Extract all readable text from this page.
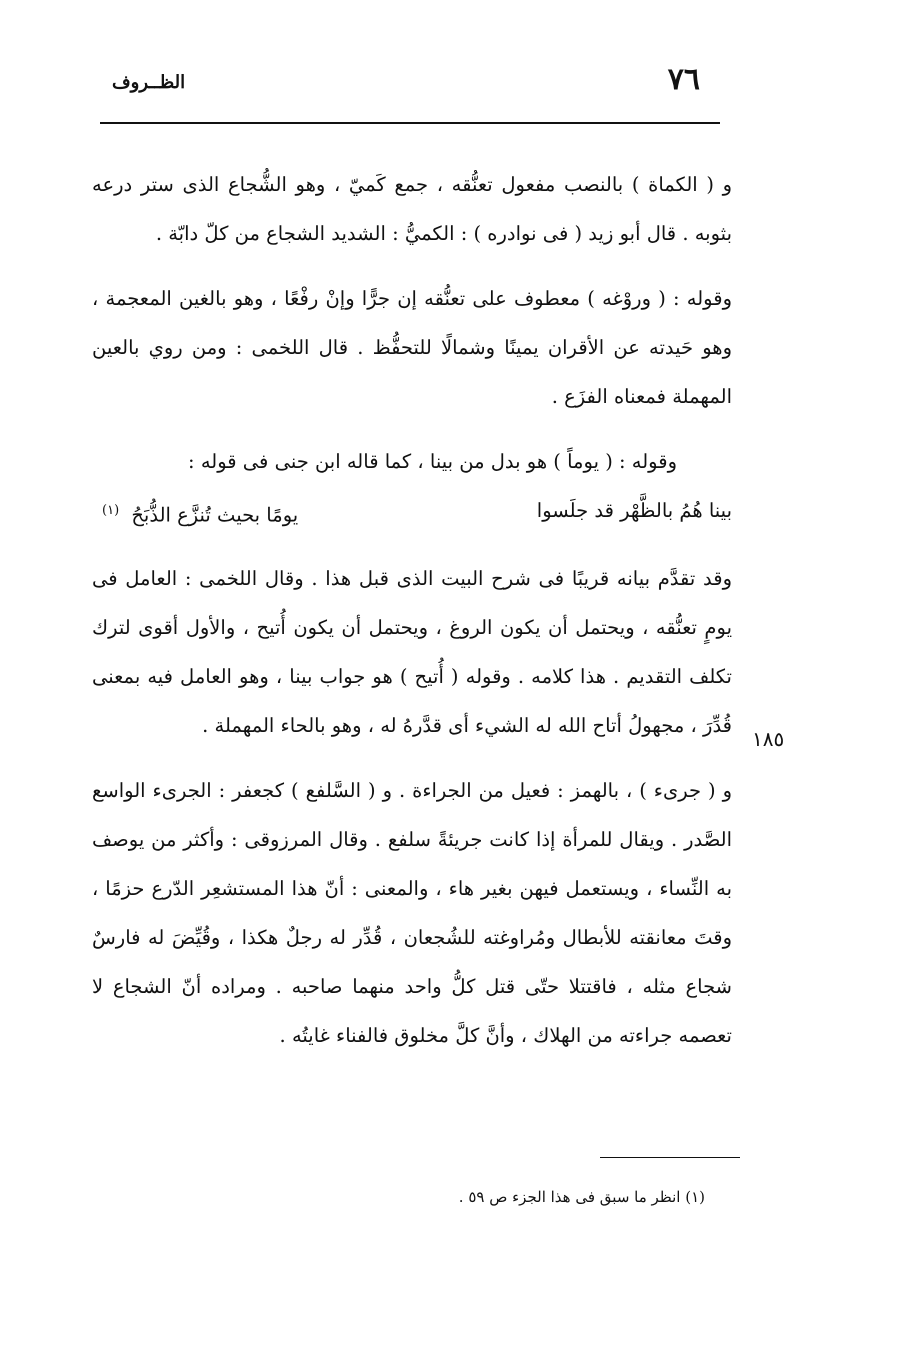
٧٦
الظــروف
١٨٥

و ( الكماة ) بالنصب مفعول تعنُّقه ، جمع كَميّ ، وهو الشُّجاع الذى ستر درعه بثوبه . قال أبو زيد ( فى نوادره ) : الكميُّ : الشديد الشجاع من كلّ دابّة .

وقوله : ( وروْغه ) معطوف على تعنُّقه إن جرًّا وإنْ رفْعًا ، وهو بالغين المعجمة ، وهو حَيدته عن الأقران يمينًا وشمالًا للتحفُّظ . قال اللخمى : ومن روي بالعين المهملة فمعناه الفزَع .

وقوله : ( يوماً ) هو بدل من بينا ، كما قاله ابن جنى فى قوله :

بينا هُمُ بالظَّهْر قد جلَسوا
يومًا بحيث تُنزَّع الذُّبَحُ $^{(١)}$

وقد تقدَّم بيانه قريبًا فى شرح البيت الذى قبل هذا . وقال اللخمى : العامل فى يومٍ تعنُّقه ، ويحتمل أن يكون الروغ ، ويحتمل أن يكون أُتيح ، والأول أقوى لترك تكلف التقديم . هذا كلامه . وقوله ( أُتيح ) هو جواب بينا ، وهو العامل فيه بمعنى قُدِّرَ ، مجهولُ أتاح الله له الشيء أى قدَّرهُ له ، وهو بالحاء المهملة .

و ( جرىء ) ، بالهمز : فعيل من الجراءة . و ( السَّلفع ) كجعفر : الجرىء الواسع الصَّدر . ويقال للمرأة إذا كانت جريئةً سلفع . وقال المرزوقى : وأكثر من يوصف به النِّساء ، ويستعمل فيهن بغير هاء ، والمعنى : أنّ هذا المستشعِر الدّرع حزمًا ، وقتَ معانقته للأبطال ومُراوغته للشُجعان ، قُدِّر له رجلٌ هكذا ، وقُيِّضَ له فارسٌ شجاع مثله ، فاقتتلا حتّى قتل كلُّ واحد منهما صاحبه . ومراده أنّ الشجاع لا تعصمه جراءته من الهلاك ، وأنَّ كلَّ مخلوق فالفناء غايتُه .

(١) انظر ما سبق فى هذا الجزء ص ٥٩ .
